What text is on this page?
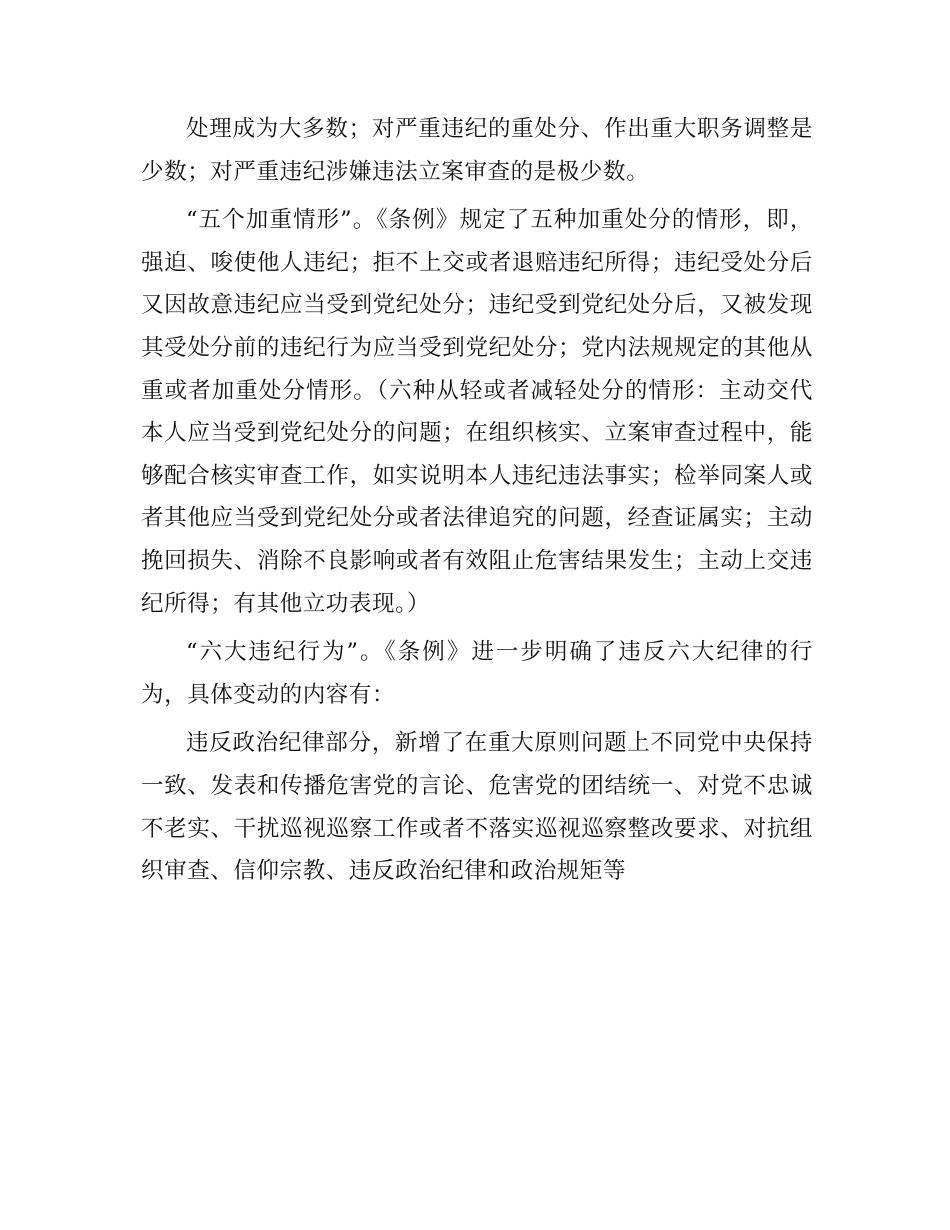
处理成为大多数；对严重违纪的重处分、作出重大职务调整是少数；对严重违纪涉嫌违法立案审查的是极少数。

“五个加重情形”。《条例》规定了五种加重处分的情形，即，强迫、唆使他人违纪；拒不上交或者退赔违纪所得；违纪受处分后又因故意违纪应当受到党纪处分；违纪受到党纪处分后，又被发现其受处分前的违纪行为应当受到党纪处分；党内法规规定的其他从重或者加重处分情形。（六种从轻或者减轻处分的情形：主动交代本人应当受到党纪处分的问题；在组织核实、立案审查过程中，能够配合核实审查工作，如实说明本人违纪违法事实；检举同案人或者其他应当受到党纪处分或者法律追究的问题，经查证属实；主动挽回损失、消除不良影响或者有效阻止危害结果发生；主动上交违纪所得；有其他立功表现。）

“六大违纪行为”。《条例》进一步明确了违反六大纪律的行为，具体变动的内容有：

违反政治纪律部分，新增了在重大原则问题上不同党中央保持一致、发表和传播危害党的言论、危害党的团结统一、对党不忠诚不老实、干扰巡视巡察工作或者不落实巡视巡察整改要求、对抗组织审查、信仰宗教、违反政治纪律和政治规矩等
